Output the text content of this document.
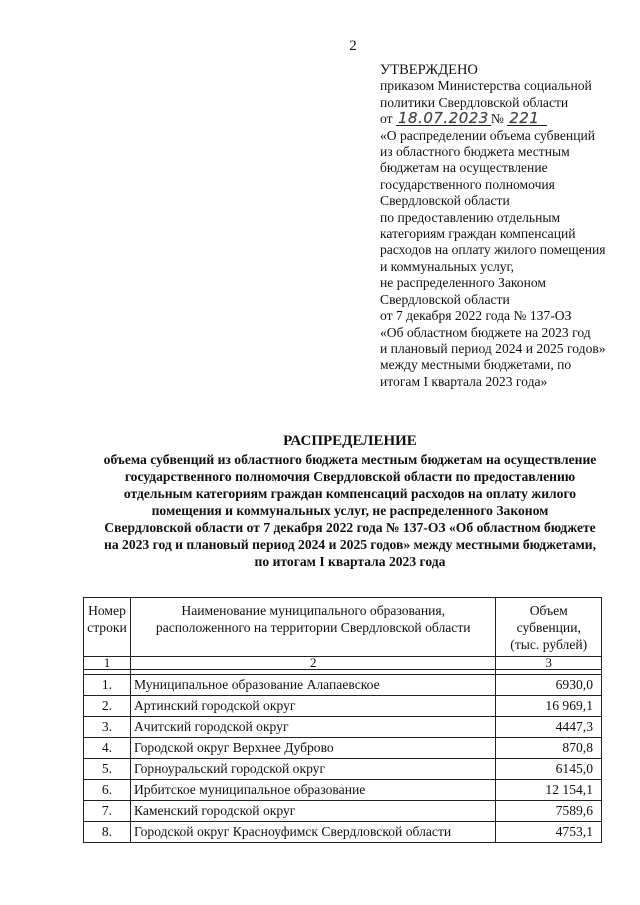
2
УТВЕРЖДЕНО
приказом Министерства социальной
политики Свердловской области
от 18.07.2023 № 221
«О распределении объема субвенций
из областного бюджета местным
бюджетам на осуществление
государственного полномочия
Свердловской области
по предоставлению отдельным
категориям граждан компенсаций
расходов на оплату жилого помещения
и коммунальных услуг,
не распределенного Законом
Свердловской области
от 7 декабря 2022 года № 137-ОЗ
«Об областном бюджете на 2023 год
и плановый период 2024 и 2025 годов»
между местными бюджетами, по
итогам I квартала 2023 года»
РАСПРЕДЕЛЕНИЕ
объема субвенций из областного бюджета местным бюджетам на осуществление
государственного полномочия Свердловской области по предоставлению
отдельным категориям граждан компенсаций расходов на оплату жилого
помещения и коммунальных услуг, не распределенного Законом
Свердловской области от 7 декабря 2022 года № 137-ОЗ «Об областном бюджете
на 2023 год и плановый период 2024 и 2025 годов» между местными бюджетами,
по итогам I квартала 2023 года
Номер
строки	Наименование муниципального образования,
расположенного на территории Свердловской области	Объем
субвенции,
(тыс. рублей)
1	2	3

1.	Муниципальное образование Алапаевское	6930,0
2.	Артинский городской округ	16 969,1
3.	Ачитский городской округ	4447,3
4.	Городской округ Верхнее Дуброво	870,8
5.	Горноуральский городской округ	6145,0
6.	Ирбитское муниципальное образование	12 154,1
7.	Каменский городской округ	7589,6
8.	Городской округ Красноуфимск Свердловской области	4753,1
